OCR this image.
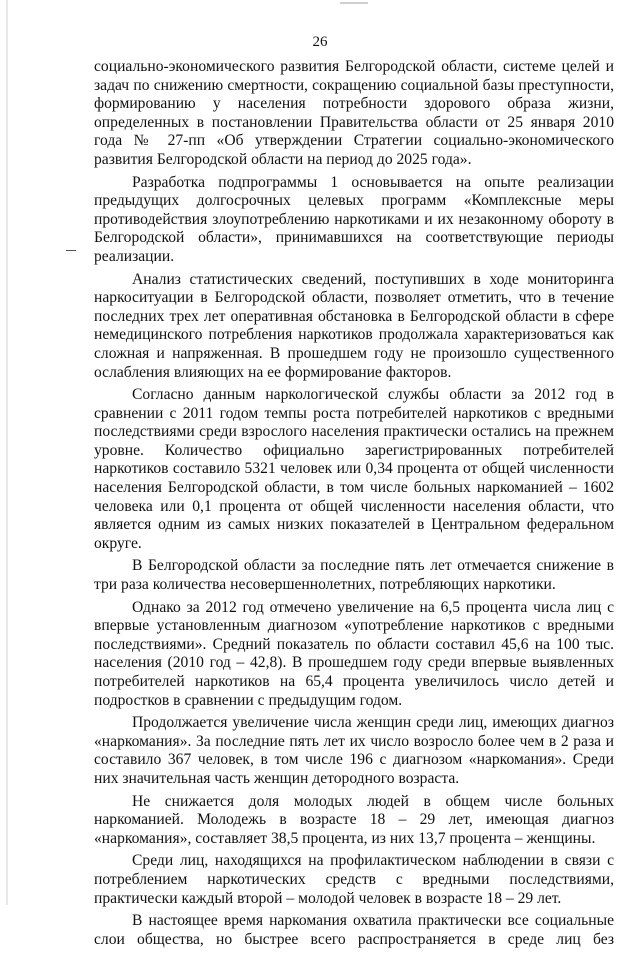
26

социально-экономического развития Белгородской области, системе целей и задач по снижению смертности, сокращению социальной базы преступности, формированию у населения потребности здорового образа жизни, определенных в постановлении Правительства области от 25 января 2010 года № 27-пп «Об утверждении Стратегии социально-экономического развития Белгородской области на период до 2025 года».

Разработка подпрограммы 1 основывается на опыте реализации предыдущих долгосрочных целевых программ «Комплексные меры противодействия злоупотреблению наркотиками и их незаконному обороту в Белгородской области», принимавшихся на соответствующие периоды реализации.

Анализ статистических сведений, поступивших в ходе мониторинга наркоситуации в Белгородской области, позволяет отметить, что в течение последних трех лет оперативная обстановка в Белгородской области в сфере немедицинского потребления наркотиков продолжала характеризоваться как сложная и напряженная. В прошедшем году не произошло существенного ослабления влияющих на ее формирование факторов.

Согласно данным наркологической службы области за 2012 год в сравнении с 2011 годом темпы роста потребителей наркотиков с вредными последствиями среди взрослого населения практически остались на прежнем уровне. Количество официально зарегистрированных потребителей наркотиков составило 5321 человек или 0,34 процента от общей численности населения Белгородской области, в том числе больных наркоманией – 1602 человека или 0,1 процента от общей численности населения области, что является одним из самых низких показателей в Центральном федеральном округе.

В Белгородской области за последние пять лет отмечается снижение в три раза количества несовершеннолетних, потребляющих наркотики.

Однако за 2012 год отмечено увеличение на 6,5 процента числа лиц с впервые установленным диагнозом «употребление наркотиков с вредными последствиями». Средний показатель по области составил 45,6 на 100 тыс. населения (2010 год – 42,8). В прошедшем году среди впервые выявленных потребителей наркотиков на 65,4 процента увеличилось число детей и подростков в сравнении с предыдущим годом.

Продолжается увеличение числа женщин среди лиц, имеющих диагноз «наркомания». За последние пять лет их число возросло более чем в 2 раза и составило 367 человек, в том числе 196 с диагнозом «наркомания». Среди них значительная часть женщин детородного возраста.

Не снижается доля молодых людей в общем числе больных наркоманией. Молодежь в возрасте 18 – 29 лет, имеющая диагноз «наркомания», составляет 38,5 процента, из них 13,7 процента – женщины.

Среди лиц, находящихся на профилактическом наблюдении в связи с потреблением наркотических средств с вредными последствиями, практически каждый второй – молодой человек в возрасте 18 – 29 лет.

В настоящее время наркомания охватила практически все социальные слои общества, но быстрее всего распространяется в среде лиц без
